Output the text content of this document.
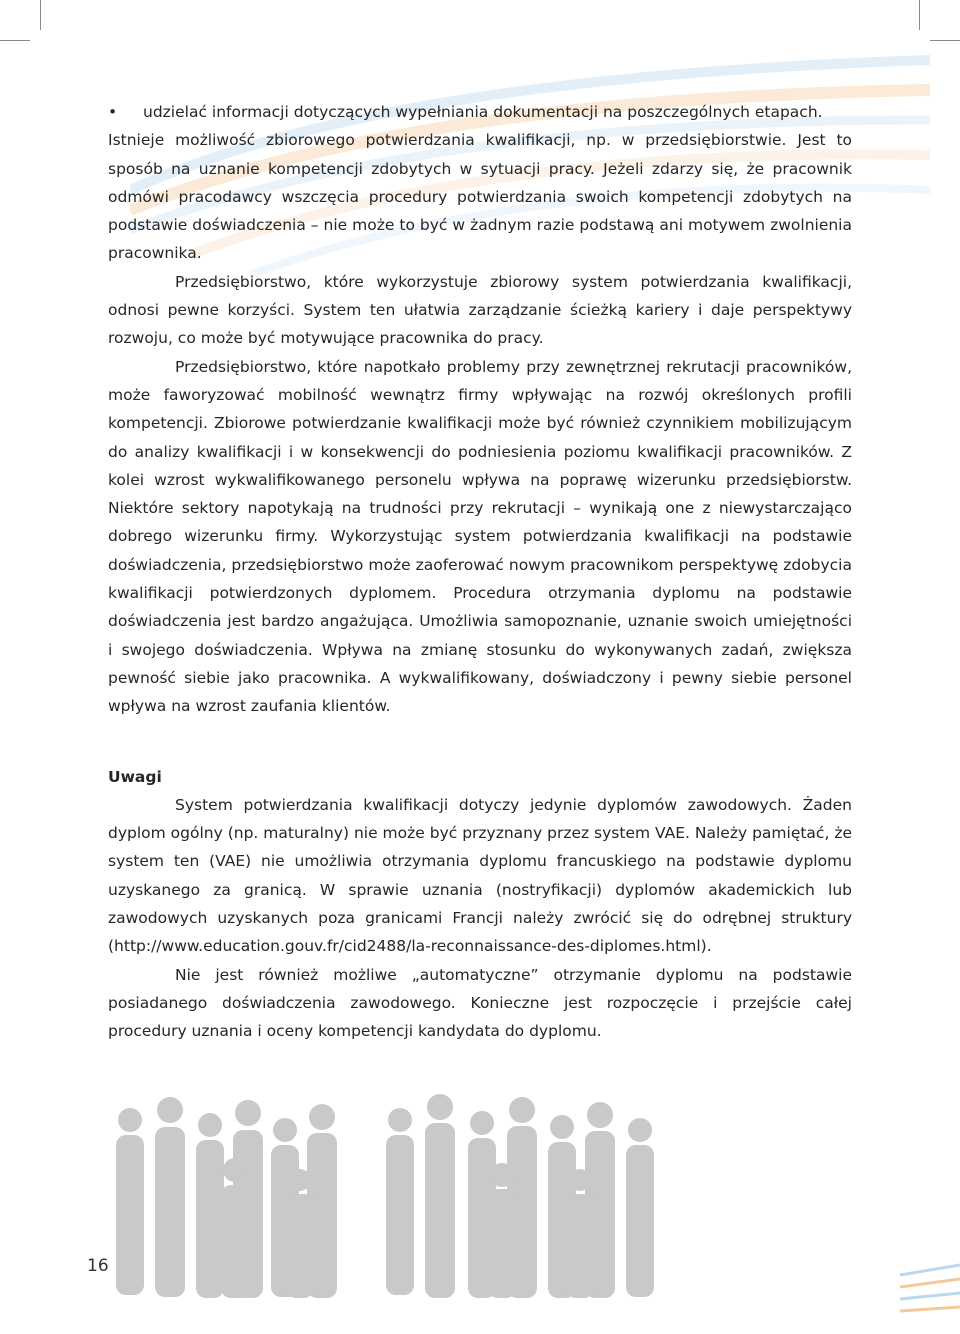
•	udzielać informacji dotyczących wypełniania dokumentacji na poszczególnych etapach.

Istnieje możliwość zbiorowego potwierdzania kwalifikacji, np. w przedsiębiorstwie. Jest to sposób na uznanie kompetencji zdobytych w sytuacji pracy. Jeżeli zdarzy się, że pracownik odmówi pracodawcy wszczęcia procedury potwierdzania swoich kompetencji zdobytych na podstawie doświadczenia – nie może to być w żadnym razie podstawą ani motywem zwolnienia pracownika.

Przedsiębiorstwo, które wykorzystuje zbiorowy system potwierdzania kwalifikacji, odnosi pewne korzyści. System ten ułatwia zarządzanie ścieżką kariery i daje perspektywy rozwoju, co może być motywujące pracownika do pracy.

Przedsiębiorstwo, które napotkało problemy przy zewnętrznej rekrutacji pracowników, może faworyzować mobilność wewnątrz firmy wpływając na rozwój określonych profili kompetencji. Zbiorowe potwierdzanie kwalifikacji może być również czynnikiem mobilizującym do analizy kwalifikacji i w konsekwencji do podniesienia poziomu kwalifikacji pracowników. Z kolei wzrost wykwalifikowanego personelu wpływa na poprawę wizerunku przedsiębiorstw. Niektóre sektory napotykają na trudności przy rekrutacji – wynikają one z niewystarczająco dobrego wizerunku firmy. Wykorzystując system potwierdzania kwalifikacji na podstawie doświadczenia, przedsiębiorstwo może zaoferować nowym pracownikom perspektywę zdobycia kwalifikacji potwierdzonych dyplomem. Procedura otrzymania dyplomu na podstawie doświadczenia jest bardzo angażująca. Umożliwia samopoznanie, uznanie swoich umiejętności i swojego doświadczenia. Wpływa na zmianę stosunku do wykonywanych zadań, zwiększa pewność siebie jako pracownika. A wykwalifikowany, doświadczony i pewny siebie personel wpływa na wzrost zaufania klientów.

Uwagi

System potwierdzania kwalifikacji dotyczy jedynie dyplomów zawodowych. Żaden dyplom ogólny (np. maturalny) nie może być przyznany przez system VAE. Należy pamiętać, że system ten (VAE) nie umożliwia otrzymania dyplomu francuskiego na podstawie dyplomu uzyskanego za granicą. W sprawie uznania (nostryfikacji) dyplomów akademickich lub zawodowych uzyskanych poza granicami Francji należy zwrócić się do odrębnej struktury (http://www.education.gouv.fr/cid2488/la-reconnaissance-des-diplomes.html).

Nie jest również możliwe „automatyczne” otrzymanie dyplomu na podstawie posiadanego doświadczenia zawodowego. Konieczne jest rozpoczęcie i przejście całej procedury uznania i oceny kompetencji kandydata do dyplomu.

16
